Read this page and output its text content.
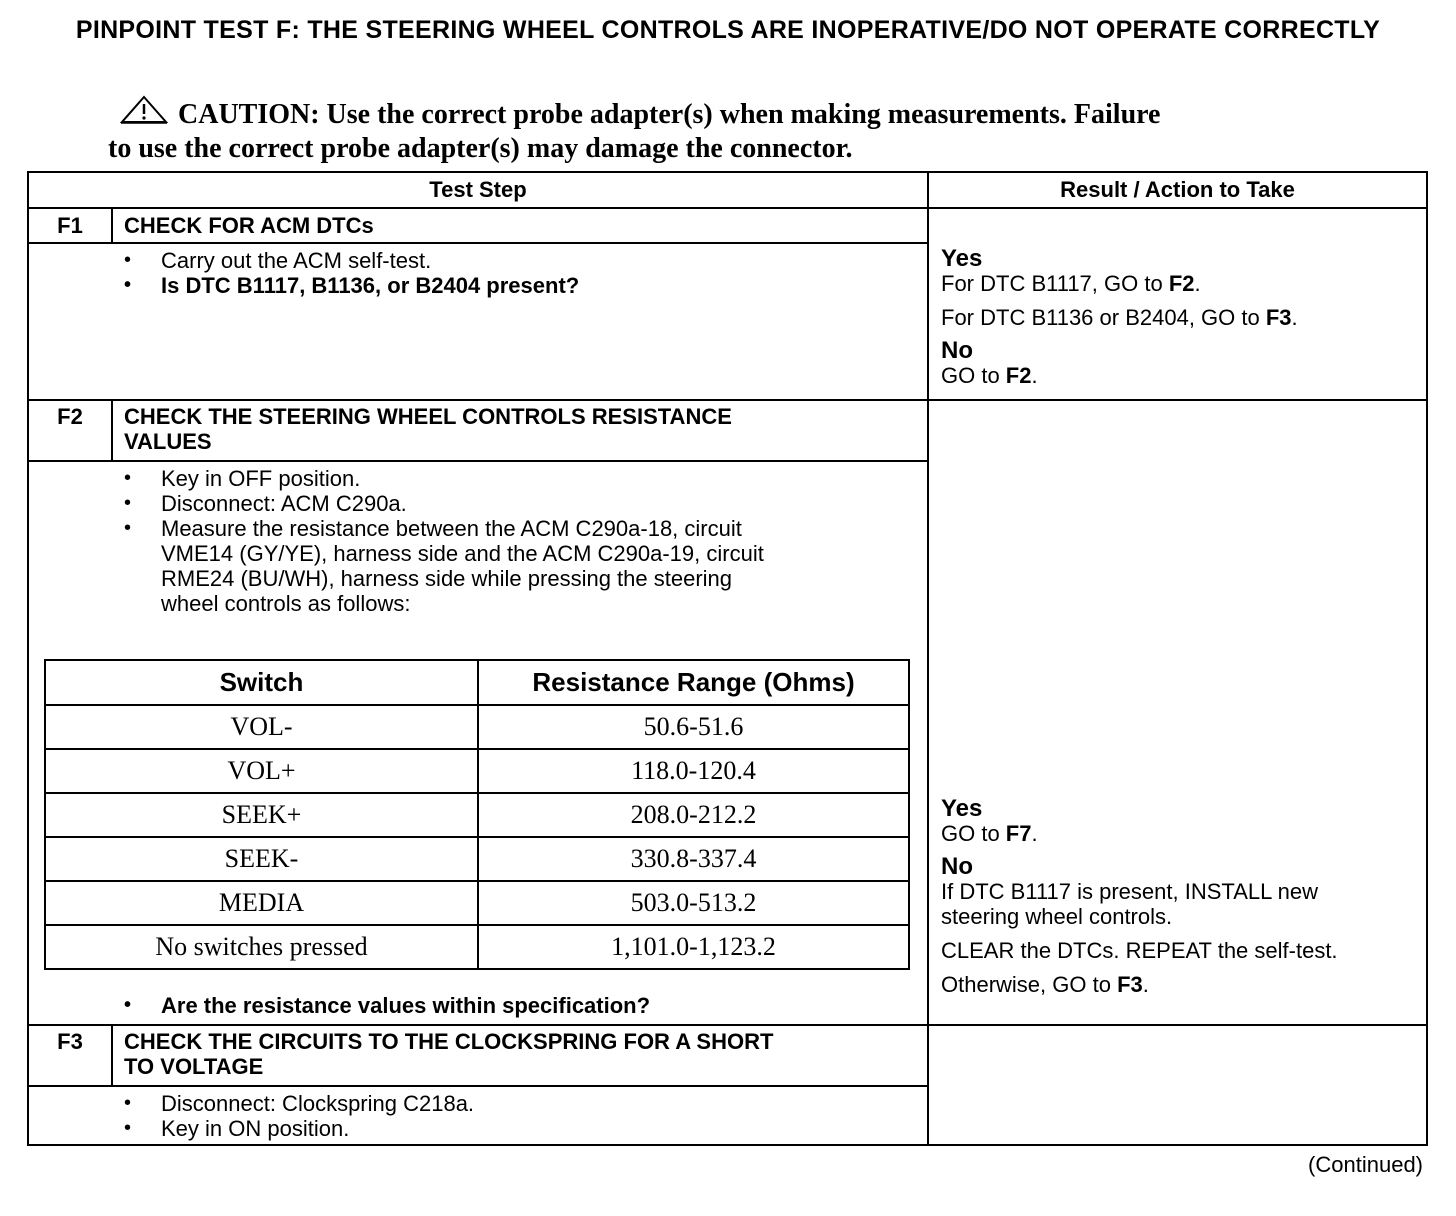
PINPOINT TEST F: THE STEERING WHEEL CONTROLS ARE INOPERATIVE/DO NOT OPERATE CORRECTLY
CAUTION: Use the correct probe adapter(s) when making measurements. Failure
to use the correct probe adapter(s) may damage the connector.
Test Step	Result / Action to Take
F1	CHECK FOR ACM DTCs
• Carry out the ACM self-test.
• Is DTC B1117, B1136, or B2404 present?
Yes

For DTC B1117, GO to F2.

For DTC B1136 or B2404, GO to F3.

No

GO to F2.

F2	CHECK THE STEERING WHEEL CONTROLS RESISTANCE
VALUES
• Key in OFF position.
• Disconnect: ACM C290a.
• Measure the resistance between the ACM C290a-18, circuit
VME14 (GY/YE), harness side and the ACM C290a-19, circuit
RME24 (BU/WH), harness side while pressing the steering
wheel controls as follows:
Switch	Resistance Range (Ohms)
VOL-	50.6-51.6
VOL+	118.0-120.4
SEEK+	208.0-212.2
SEEK-	330.8-337.4
MEDIA	503.0-513.2
No switches pressed	1,101.0-1,123.2
• Are the resistance values within specification?
Yes

GO to F7.

No

If DTC B1117 is present, INSTALL new

steering wheel controls.

CLEAR the DTCs. REPEAT the self-test.

Otherwise, GO to F3.

F3	CHECK THE CIRCUITS TO THE CLOCKSPRING FOR A SHORT
TO VOLTAGE
• Disconnect: Clockspring C218a.
• Key in ON position.
(Continued)
